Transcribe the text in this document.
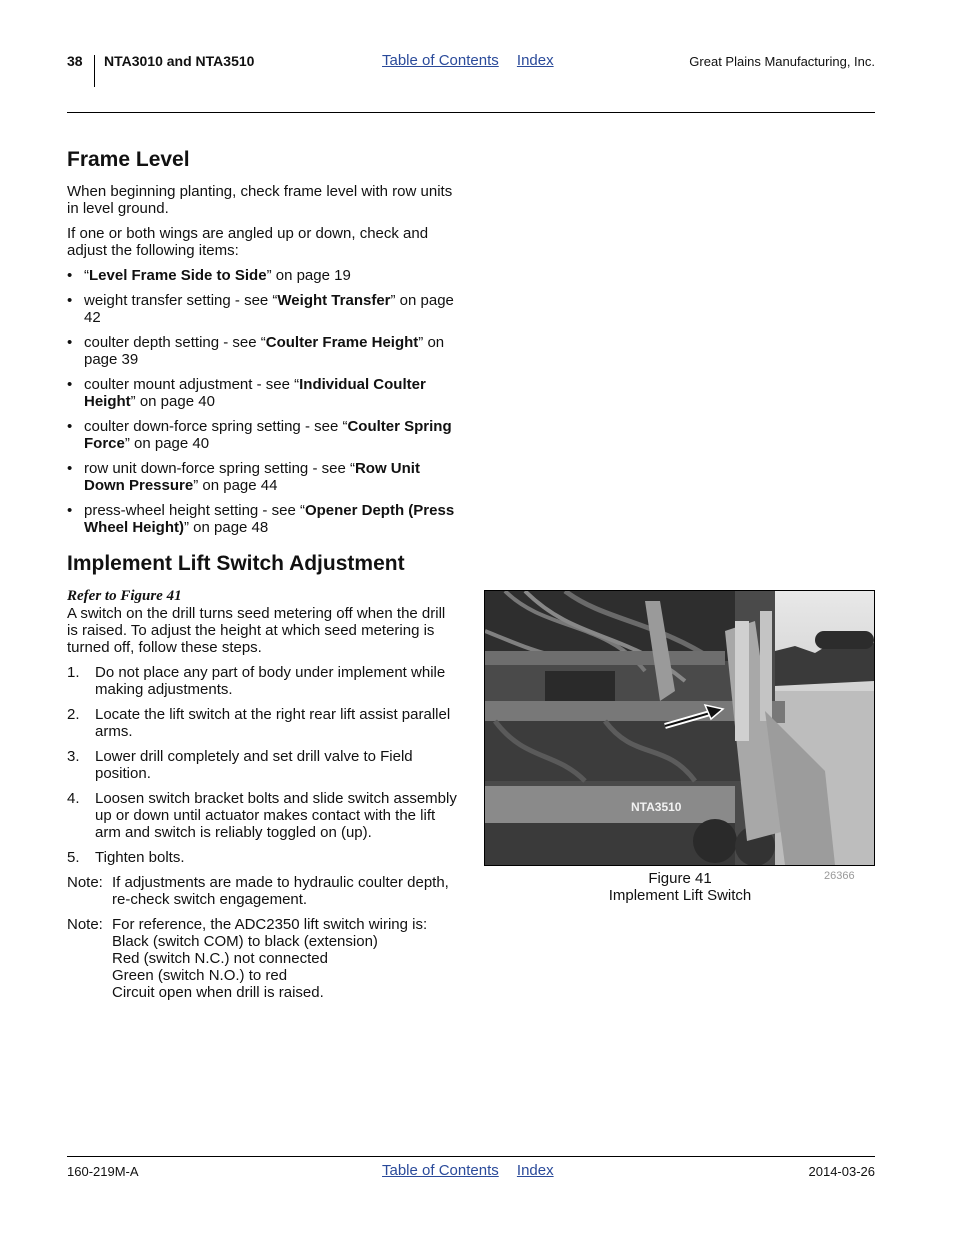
38 NTA3010 and NTA3510	Table of Contents Index	Great Plains Manufacturing, Inc.
Frame Level

When beginning planting, check frame level with row units in level ground.

If one or both wings are angled up or down, check and adjust the following items:

• “Level Frame Side to Side” on page 19
• weight transfer setting - see “Weight Transfer” on page 42
• coulter depth setting - see “Coulter Frame Height” on page 39
• coulter mount adjustment - see “Individual Coulter Height” on page 40
• coulter down-force spring setting - see “Coulter Spring Force” on page 40
• row unit down-force spring setting - see “Row Unit Down Pressure” on page 44
• press-wheel height setting - see “Opener Depth (Press Wheel Height)” on page 48
Implement Lift Switch Adjustment

Refer to Figure 41

A switch on the drill turns seed metering off when the drill is raised. To adjust the height at which seed metering is turned off, follow these steps.

1. Do not place any part of body under implement while making adjustments.
2. Locate the lift switch at the right rear lift assist parallel arms.
3. Lower drill completely and set drill valve to Field position.
4. Loosen switch bracket bolts and slide switch assembly up or down until actuator makes contact with the lift arm and switch is reliably toggled on (up).
5. Tighten bolts.
Note: If adjustments are made to hydraulic coulter depth, re-check switch engagement.
Note: For reference, the ADC2350 lift switch wiring is:
Black (switch COM) to black (extension)
Red (switch N.C.) not connected
Green (switch N.O.) to red
Circuit open when drill is raised.
NTA3510
Figure 41
Implement Lift Switch
26366
160-219M-A	Table of Contents Index	2014-03-26
